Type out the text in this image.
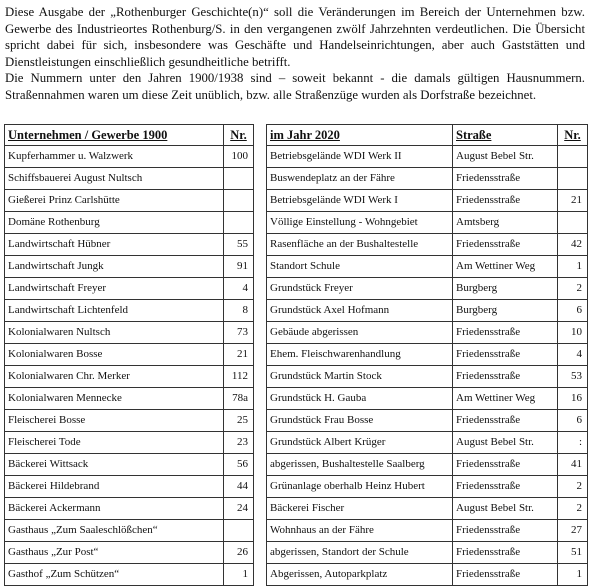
Diese Ausgabe der „Rothenburger Geschichte(n)“ soll die Veränderungen im Bereich der Unternehmen bzw. Gewerbe des Industrieortes Rothenburg/S. in den vergangenen zwölf Jahrzehnten verdeutlichen. Die Übersicht spricht dabei für sich, insbesondere was Geschäfte und Handelseinrichtungen, aber auch Gaststätten und Dienstleistungen einschließlich gesundheitliche betrifft.

Die Nummern unter den Jahren 1900/1938 sind – soweit bekannt - die damals gültigen Hausnummern. Straßennahmen waren um diese Zeit unüblich, bzw. alle Straßenzüge wurden als Dorfstraße bezeichnet.

Unternehmen / Gewerbe 1900	Nr.		im Jahr 2020	Straße	Nr.
Kupferhammer u. Walzwerk	100		Betriebsgelände WDI Werk II	August Bebel Str.	
Schiffsbauerei August Nultsch			Buswendeplatz an der Fähre	Friedensstraße	
Gießerei Prinz Carlshütte			Betriebsgelände WDI Werk I	Friedensstraße	21
Domäne Rothenburg			Völlige Einstellung - Wohngebiet	Amtsberg	
Landwirtschaft Hübner	55		Rasenfläche an der Bushaltestelle	Friedensstraße	42
Landwirtschaft Jungk	91		Standort Schule	Am Wettiner Weg	1
Landwirtschaft Freyer	4		Grundstück Freyer	Burgberg	2
Landwirtschaft Lichtenfeld	8		Grundstück Axel Hofmann	Burgberg	6
Kolonialwaren Nultsch	73		Gebäude abgerissen	Friedensstraße	10
Kolonialwaren Bosse	21		Ehem. Fleischwarenhandlung	Friedensstraße	4
Kolonialwaren Chr. Merker	112		Grundstück Martin Stock	Friedensstraße	53
Kolonialwaren Mennecke	78a		Grundstück H. Gauba	Am Wettiner Weg	16
Fleischerei Bosse	25		Grundstück Frau Bosse	Friedensstraße	6
Fleischerei Tode	23		Grundstück Albert Krüger	August Bebel Str.	:
Bäckerei Wittsack	56		abgerissen, Bushaltestelle Saalberg	Friedensstraße	41
Bäckerei Hildebrand	44		Grünanlage oberhalb Heinz Hubert	Friedensstraße	2
Bäckerei Ackermann	24		Bäckerei Fischer	August Bebel Str.	2
Gasthaus „Zum Saaleschlößchen“			Wohnhaus an der Fähre	Friedensstraße	27
Gasthaus „Zur Post“	26		abgerissen, Standort der Schule	Friedensstraße	51
Gasthof „Zum Schützen“	1		Abgerissen, Autoparkplatz	Friedensstraße	1
